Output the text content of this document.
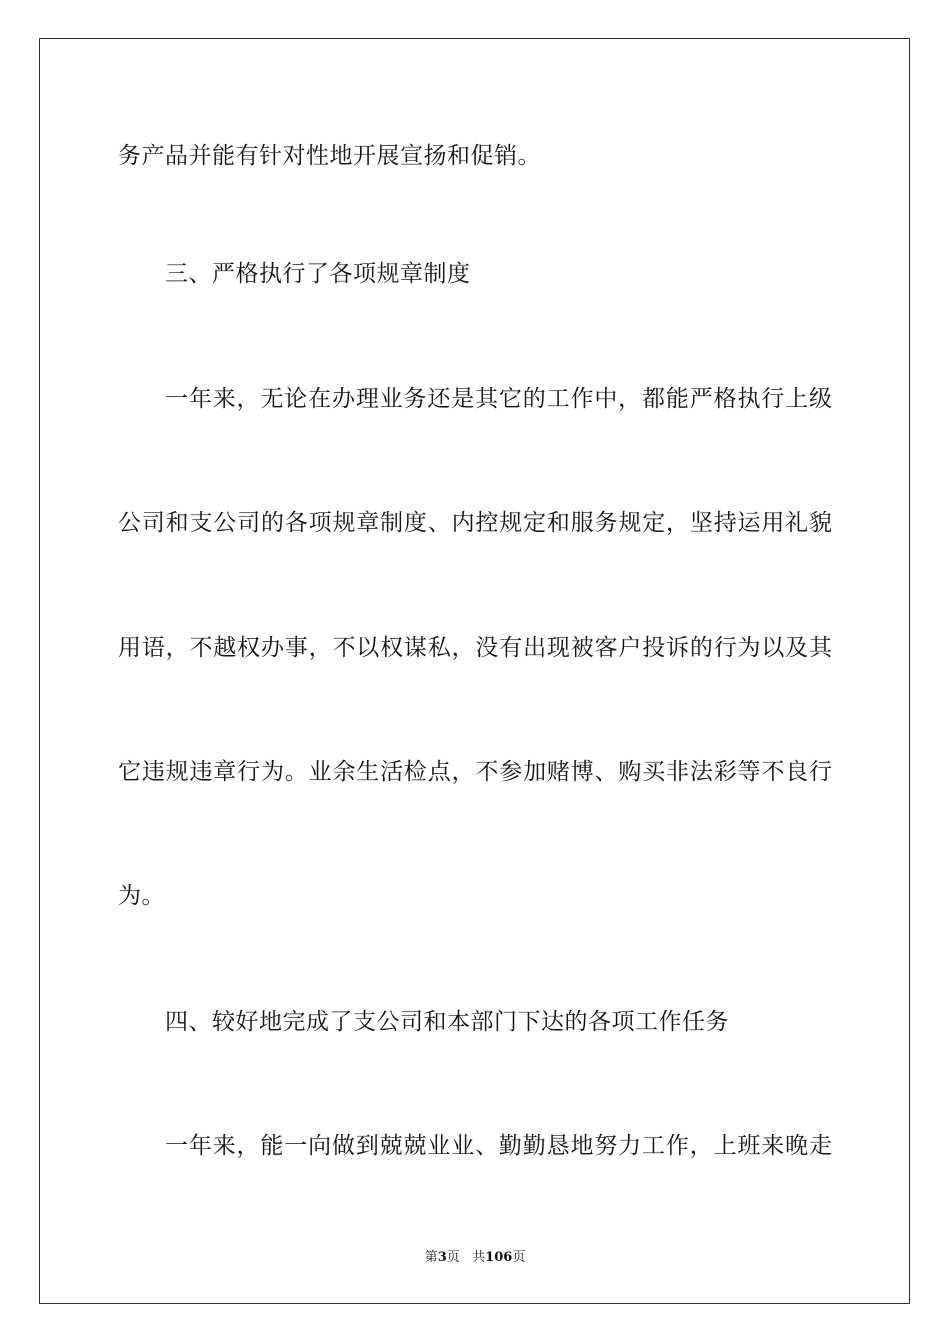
务产品并能有针对性地开展宣扬和促销。

三、严格执行了各项规章制度

一年来，无论在办理业务还是其它的工作中，都能严格执行上级

公司和支公司的各项规章制度、内控规定和服务规定，坚持运用礼貌

用语，不越权办事，不以权谋私，没有出现被客户投诉的行为以及其

它违规违章行为。业余生活检点，不参加赌博、购买非法彩等不良行

为。

四、较好地完成了支公司和本部门下达的各项工作任务

一年来，能一向做到兢兢业业、勤勤恳地努力工作，上班来晚走

第3页 共106页
